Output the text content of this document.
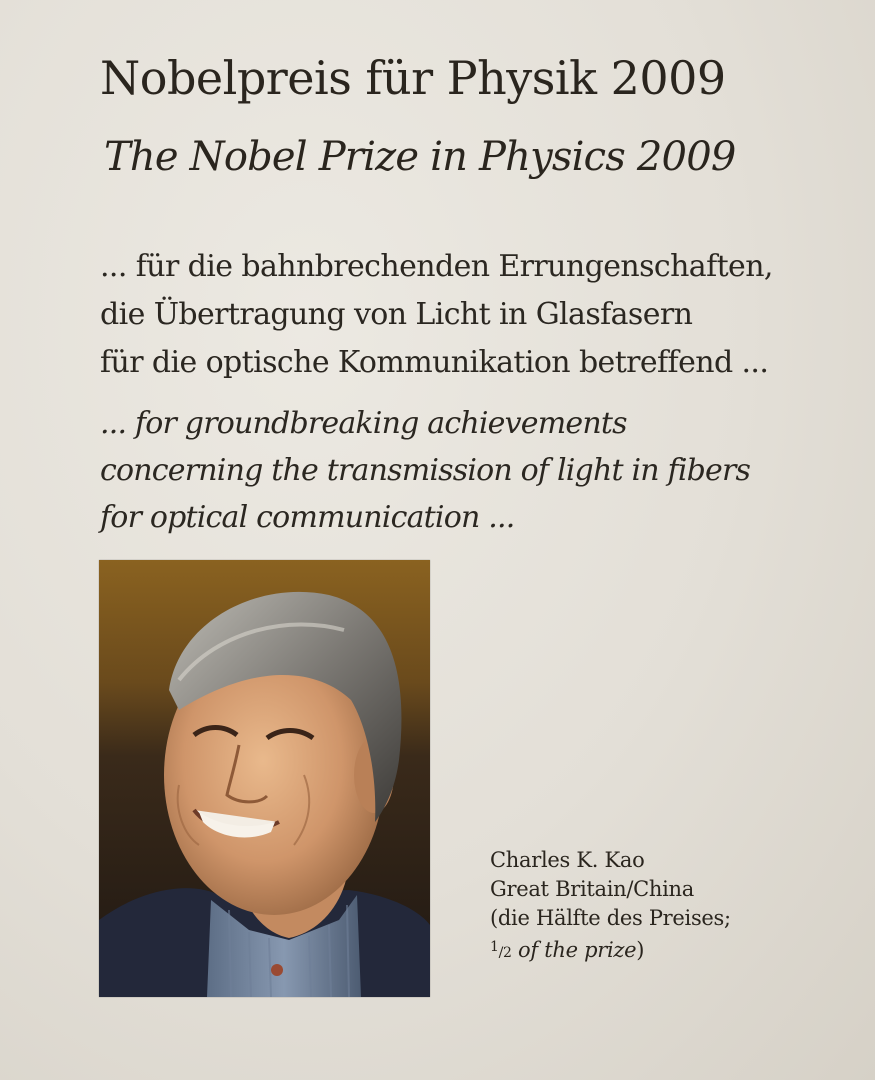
Nobelpreis für Physik 2009
The Nobel Prize in Physics 2009
... für die bahnbrechenden Errungenschaften,
die Übertragung von Licht in Glasfasern
für die optische Kommunikation betreffend ...
... for groundbreaking achievements
concerning the transmission of light in fibers
for optical communication ...
Charles K. Kao
Great Britain/China
(die Hälfte des Preises;
$^1$/2 of the prize)
